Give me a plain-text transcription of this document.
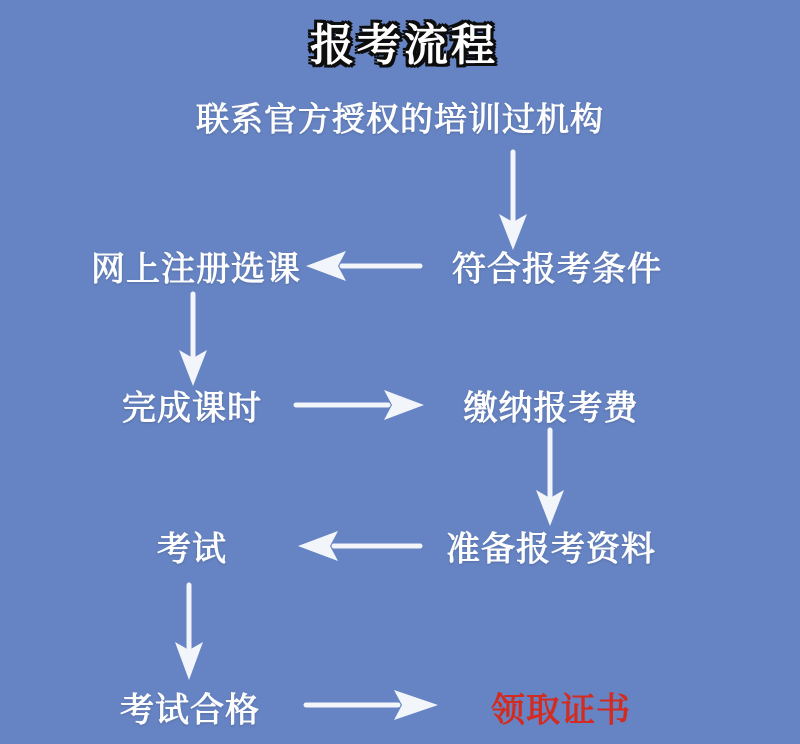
报考流程
联系官方授权的培训过机构
符合报考条件
网上注册选课
完成课时	缴纳报考费
准备报考资料
考试
考试合格	领取证书
